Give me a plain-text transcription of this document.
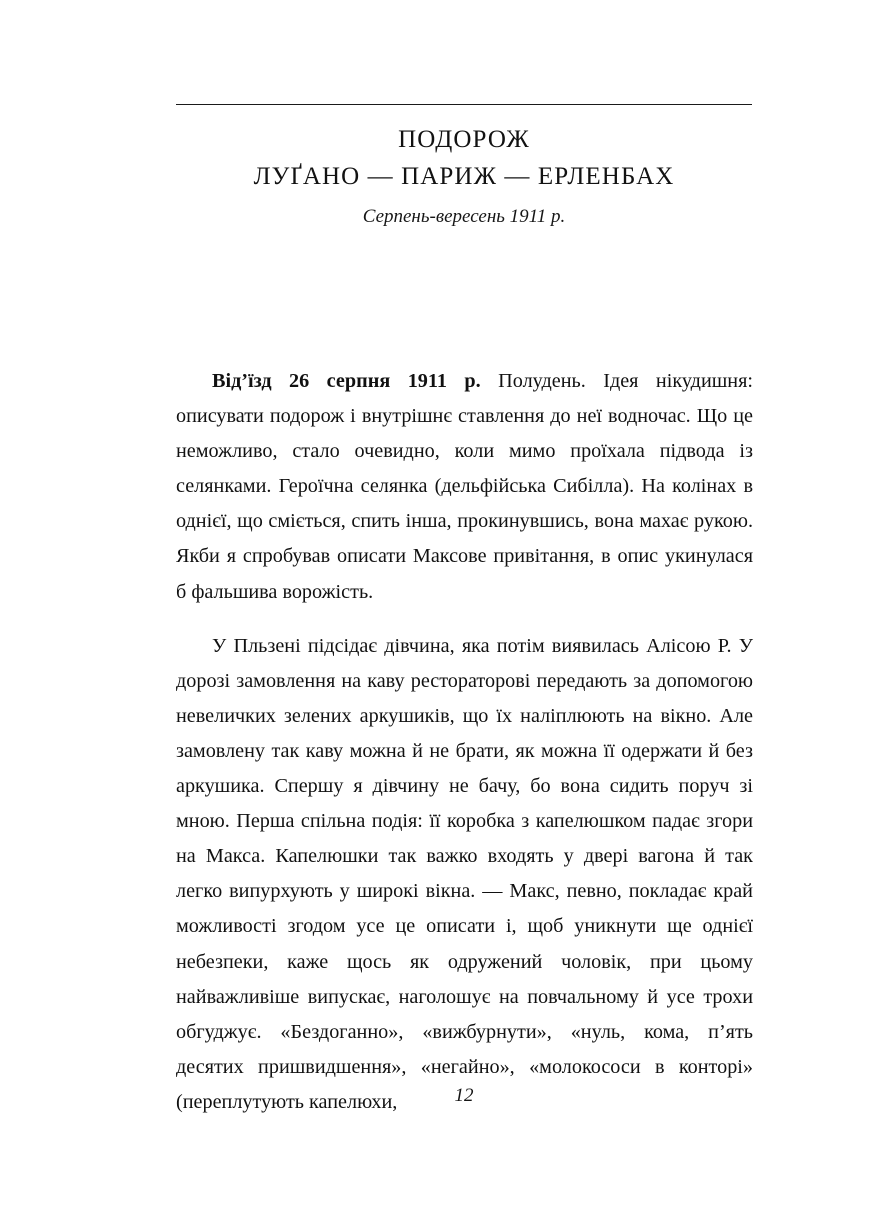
ПОДОРОЖ
ЛУҐАНО — ПАРИЖ — ЕРЛЕНБАХ
Серпень-вересень 1911 р.

Від’їзд 26 серпня 1911 р. Полудень. Ідея нікудишня: описувати подорож і внутрішнє ставлення до неї водночас. Що це неможливо, стало очевидно, коли мимо проїхала підвода із селянками. Героїчна селянка (дельфійська Сибілла). На колінах в однієї, що сміється, спить інша, прокинувшись, вона махає рукою. Якби я спробував описати Максове привітання, в опис укинулася б фальшива ворожість.

У Пльзені підсідає дівчина, яка потім виявилась Алісою Р. У дорозі замовлення на каву рестораторові передають за допомогою невеличких зелених аркушиків, що їх наліплюють на вікно. Але замовлену так каву можна й не брати, як можна її одержати й без аркушика. Спершу я дівчину не бачу, бо вона сидить поруч зі мною. Перша спільна подія: її коробка з капелюшком падає згори на Макса. Капелюшки так важко входять у двері вагона й так легко випурхують у широкі вікна. — Макс, певно, покладає край можливості згодом усе це описати і, щоб уникнути ще однієї небезпеки, каже щось як одружений чоловік, при цьому найважливіше випускає, наголошує на повчальному й усе трохи обгуджує. «Бездоганно», «вижбурнути», «нуль, кома, п’ять десятих пришвидшення», «негайно», «молокососи в конторі» (переплутують капелюхи,	12
